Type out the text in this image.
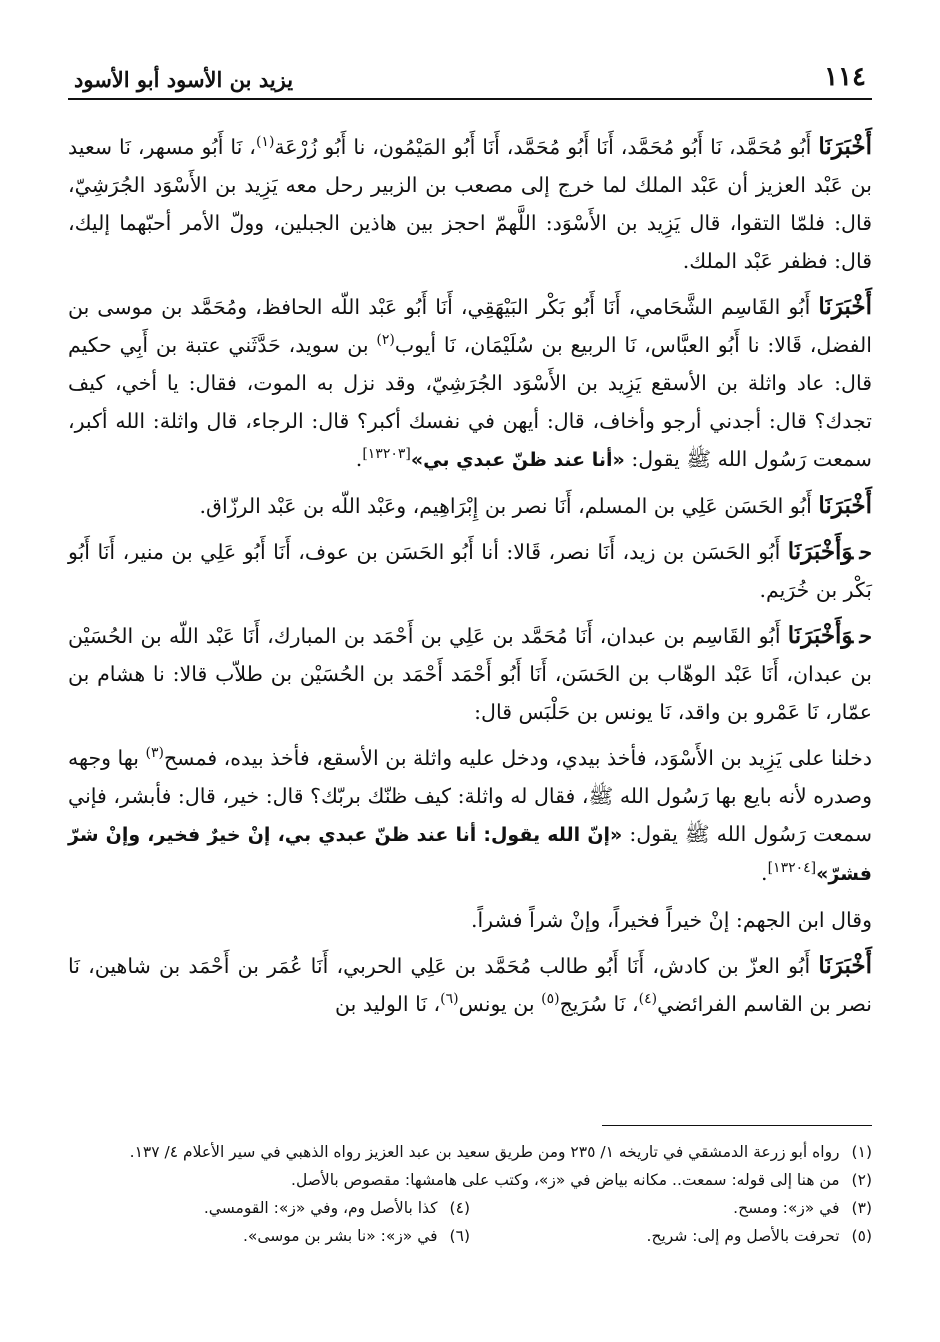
١١٤
يزيد بن الأسود أبو الأسود

أَخْبَرَنَا أَبُو مُحَمَّد، نَا أَبُو مُحَمَّد، أَنَا أَبُو مُحَمَّد، أَنَا أَبُو المَيْمُون، نا أَبُو زُرْعَة$^{(١)}$، نَا أَبُو مسهر، نَا سعيد بن عَبْد العزيز أن عَبْد الملك لما خرج إلى مصعب بن الزبير رحل معه يَزِيد بن الأَسْوَد الجُرَشِيّ، قال: فلمّا التقوا، قال يَزِيد بن الأَسْوَد: اللَّهمّ احجز بين هاذين الجبلين، وولّ الأمر أحبّهما إليك، قال: فظفر عَبْد الملك.

أَخْبَرَنَا أَبُو القَاسِم الشَّحَامي، أَنَا أَبُو بَكْر البَيْهَقِي، أَنَا أَبُو عَبْد اللّه الحافظ، ومُحَمَّد بن موسى بن الفضل، قَالا: نا أَبُو العبَّاس، نَا الربيع بن سُلَيْمَان، نَا أيوب$^{(٢)}$ بن سويد، حَدَّثَني عتبة بن أَبِي حكيم قال: عاد واثلة بن الأسقع يَزِيد بن الأَسْوَد الجُرَشِيّ، وقد نزل به الموت، فقال: يا أخي، كيف تجدك؟ قال: أجدني أرجو وأخاف، قال: أيهن في نفسك أكبر؟ قال: الرجاء، قال واثلة: الله أكبر، سمعت رَسُول الله ﷺ يقول: «أنا عند ظنّ عبدي بي»[١٣٢٠٣].

أَخْبَرَنَا أَبُو الحَسَن عَلِي بن المسلم، أَنَا نصر بن إِبْرَاهِيم، وعَبْد اللّه بن عَبْد الرزّاق.

حوَأَخْبَرَنَا أَبُو الحَسَن بن زيد، أَنَا نصر، قَالا: أنا أَبُو الحَسَن بن عوف، أَنَا أَبُو عَلِي بن منير، أَنَا أَبُو بَكْر بن خُرَيم.

حوَأَخْبَرَنَا أَبُو القَاسِم بن عبدان، أَنَا مُحَمَّد بن عَلِي بن أَحْمَد بن المبارك، أَنَا عَبْد اللّه بن الحُسَيْن بن عبدان، أَنَا عَبْد الوهّاب بن الحَسَن، أَنَا أَبُو أَحْمَد أَحْمَد بن الحُسَيْن بن طلاّب قالا: نا هشام بن عمّار، نَا عَمْرو بن واقد، نَا يونس بن حَلْبَس قال:

دخلنا على يَزِيد بن الأَسْوَد، فأخذ بيدي، ودخل عليه واثلة بن الأسقع، فأخذ بيده، فمسح$^{(٣)}$ بها وجهه وصدره لأنه بايع بها رَسُول الله ﷺ، فقال له واثلة: كيف ظنّك بربّك؟ قال: خير، قال: فأبشر، فإني سمعت رَسُول الله ﷺ يقول: «إنّ الله يقول: أنا عند ظنّ عبدي بي، إنْ خيرٌ فخير، وإنْ شرّ فشرّ»[١٣٢٠٤].

وقال ابن الجهم: إنْ خيراً فخيراً، وإنْ شراً فشراً.

أَخْبَرَنَا أَبُو العزّ بن كادش، أَنَا أَبُو طالب مُحَمَّد بن عَلِي الحربي، أَنَا عُمَر بن أَحْمَد بن شاهين، نَا نصر بن القاسم الفرائضي$^{(٤)}$، نَا سُرَيج$^{(٥)}$ بن يونس$^{(٦)}$، نَا الوليد بن

(١)رواه أبو زرعة الدمشقي في تاريخه ١/ ٢٣٥ ومن طريق سعيد بن عبد العزيز رواه الذهبي في سير الأعلام ٤/ ١٣٧.

(٢)من هنا إلى قوله: سمعت.. مكانه بياض في «ز»، وكتب على هامشها: مقصوص بالأصل.

(٣)في «ز»: ومسح.
(٤)كذا بالأصل وم، وفي «ز»: القومسي.
(٥)تحرفت بالأصل وم إلى: شريح.
(٦)في «ز»: «نا بشر بن موسى».
